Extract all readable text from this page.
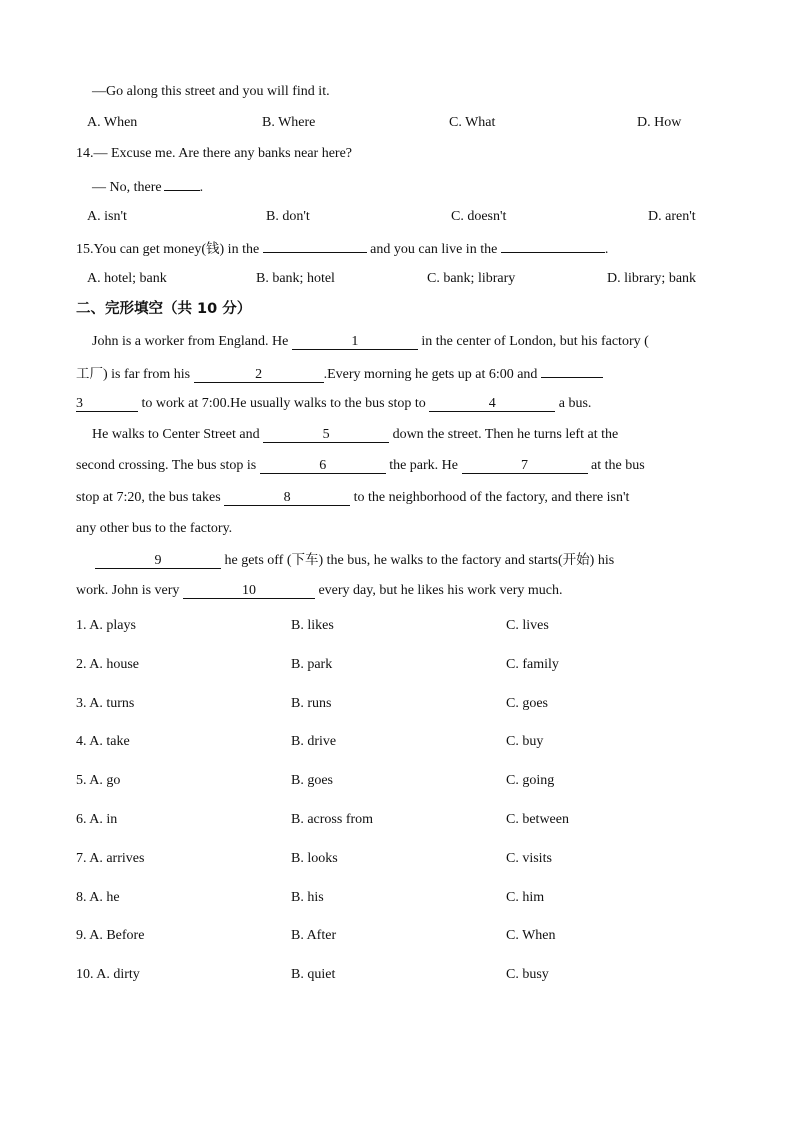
—Go along this street and you will find it.
A. When	B. Where	C. What	D. How
14.— Excuse me. Are there any banks near here?
— No, there	.
A. isn't	B. don't	C. doesn't	D. aren't
15.You can get money(钱) in the	and you can live in the	.
A. hotel; bank	B. bank; hotel	C. bank; library	D. library; bank
二、完形填空（共 10 分）
John is a worker from England. He	1	in the center of London, but his factory (
工厂) is far from his	2	.Every morning he gets up at 6:00 and
3	to work at 7:00.He usually walks to the bus stop to	4	a bus.
He walks to Center Street and	5	down the street. Then he turns left at the
second crossing. The bus stop is	6	the park. He	7	at the bus
stop at 7:20, the bus takes	8	to the neighborhood of the factory, and there isn't
any other bus to the factory.
9	he gets off (下车) the bus, he walks to the factory and starts(开始) his
work. John is very	10	every day, but he likes his work very much.
1. A. plays	B. likes	C. lives
2. A. house	B. park	C. family
3. A. turns	B. runs	C. goes
4. A. take	B. drive	C. buy
5. A. go	B. goes	C. going
6. A. in	B. across from	C. between
7. A. arrives	B. looks	C. visits
8. A. he	B. his	C. him
9. A. Before	B. After	C. When
10. A. dirty	B. quiet	C. busy
